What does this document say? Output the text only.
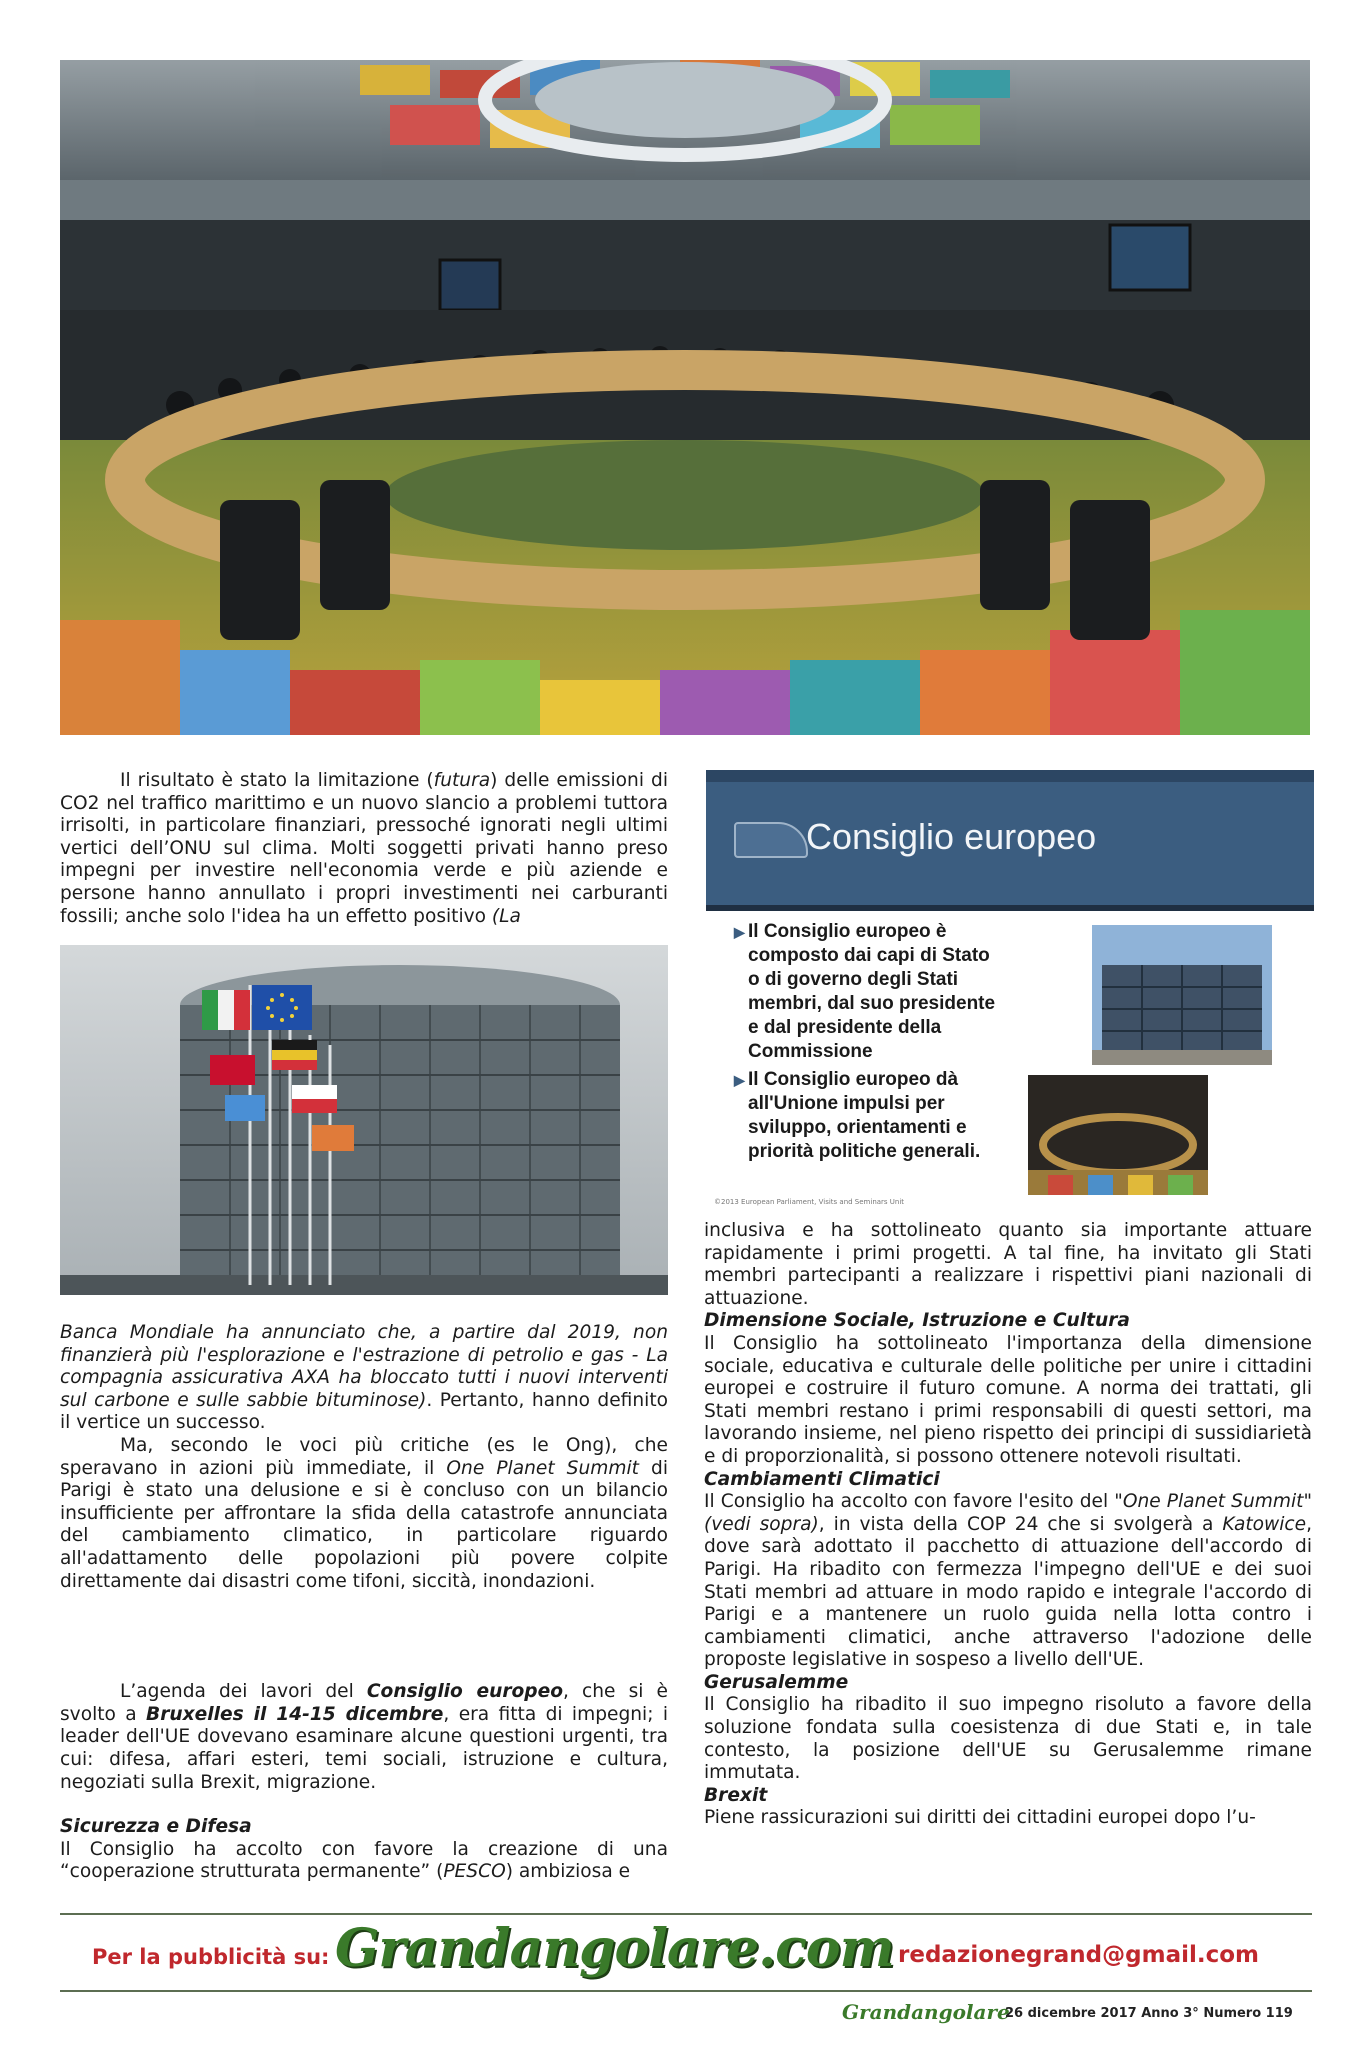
Il risultato è stato la limitazione (futura) delle emissioni di CO2 nel traffico marittimo e un nuovo slancio a problemi tuttora irrisolti, in particolare finanziari, pressoché ignorati negli ultimi vertici dell’ONU sul clima. Molti soggetti privati hanno preso impegni per investire nell'economia verde e più aziende e persone hanno annullato i propri investimenti nei carburanti fossili; anche solo l'idea ha un effetto positivo (La

Banca Mondiale ha annunciato che, a partire dal 2019, non finanzierà più l'esplorazione e l'estrazione di petrolio e gas - La compagnia assicurativa AXA ha bloccato tutti i nuovi interventi sul carbone e sulle sabbie bituminose). Pertanto, hanno definito il vertice un successo.

Ma, secondo le voci più critiche (es le Ong), che speravano in azioni più immediate, il One Planet Summit di Parigi è stato una delusione e si è concluso con un bilancio insufficiente per affrontare la sfida della catastrofe annunciata del cambiamento climatico, in particolare riguardo all'adattamento delle popolazioni più povere colpite direttamente dai disastri come tifoni, siccità, inondazioni.

L’agenda dei lavori del Consiglio europeo, che si è svolto a Bruxelles il 14-15 dicembre, era fitta di impegni; i leader dell'UE dovevano esaminare alcune questioni urgenti, tra cui: difesa, affari esteri, temi sociali, istruzione e cultura, negoziati sulla Brexit, migrazione.

Sicurezza e Difesa

Il Consiglio ha accolto con favore la creazione di una “cooperazione strutturata permanente” (PESCO) ambiziosa e

Consiglio europeo
▶ Il Consiglio europeo è composto dai capi di Stato o di governo degli Stati membri, dal suo presidente e dal presidente della Commissione
▶ Il Consiglio europeo dà all'Unione impulsi per sviluppo, orientamenti e priorità politiche generali.
©2013 European Parliament, Visits and Seminars Unit

inclusiva e ha sottolineato quanto sia importante attuare rapidamente i primi progetti. A tal fine, ha invitato gli Stati membri partecipanti a realizzare i rispettivi piani nazionali di attuazione.

Dimensione Sociale, Istruzione e Cultura

Il Consiglio ha sottolineato l'importanza della dimensione sociale, educativa e culturale delle politiche per unire i cittadini europei e costruire il futuro comune. A norma dei trattati, gli Stati membri restano i primi responsabili di questi settori, ma lavorando insieme, nel pieno rispetto dei principi di sussidiarietà e di proporzionalità, si possono ottenere notevoli risultati.

Cambiamenti Climatici

Il Consiglio ha accolto con favore l'esito del "One Planet Summit" (vedi sopra), in vista della COP 24 che si svolgerà a Katowice, dove sarà adottato il pacchetto di attuazione dell'accordo di Parigi. Ha ribadito con fermezza l'impegno dell'UE e dei suoi Stati membri ad attuare in modo rapido e integrale l'accordo di Parigi e a mantenere un ruolo guida nella lotta contro i cambiamenti climatici, anche attraverso l'adozione delle proposte legislative in sospeso a livello dell'UE.

Gerusalemme

Il Consiglio ha ribadito il suo impegno risoluto a favore della soluzione fondata sulla coesistenza di due Stati e, in tale contesto, la posizione dell'UE su Gerusalemme rimane immutata.

Brexit

Piene rassicurazioni sui diritti dei cittadini europei dopo l’u-

Per la pubblicità su: Grandangolare.com redazionegrand@gmail.com
Grandangolare
26 dicembre 2017 Anno 3° Numero 119
